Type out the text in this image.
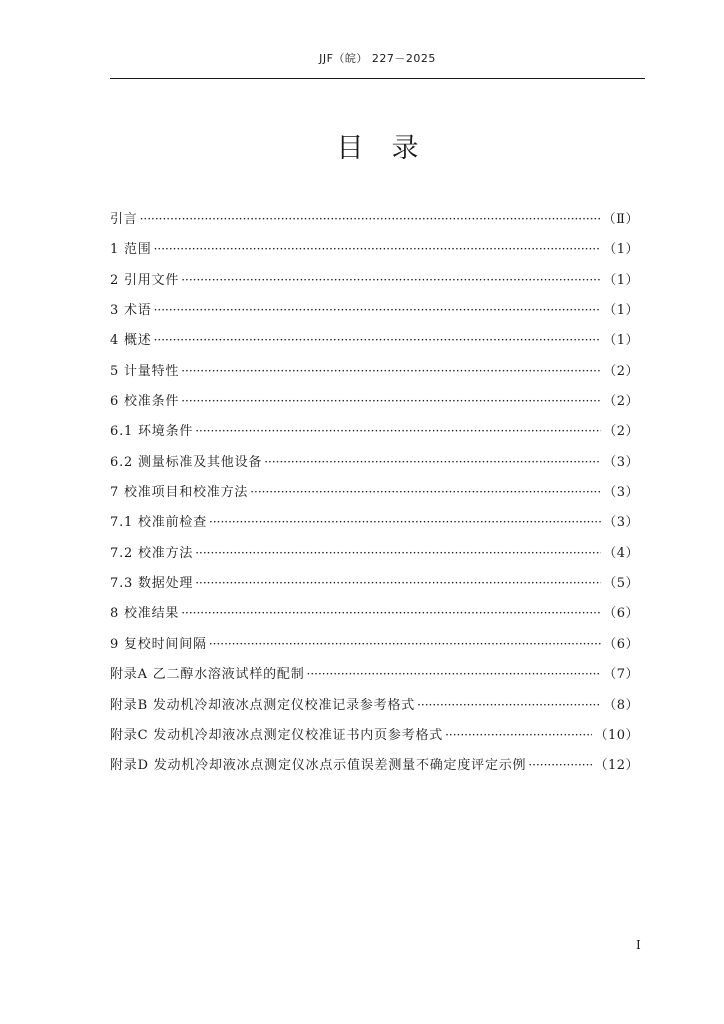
JJF（皖） 227－2025
目录
引言 ·····	（Ⅱ）
1 范围 ·····	（1）
2 引用文件 ·····	（1）
3 术语 ·····	（1）
4 概述 ·····	（1）
5 计量特性 ·····	（2）
6 校准条件 ·····	（2）
6.1 环境条件 ·····	（2）
6.2 测量标准及其他设备 ·····	（3）
7 校准项目和校准方法 ·····	（3）
7.1 校准前检查 ·····	（3）
7.2 校准方法 ·····	（4）
7.3 数据处理 ·····	（5）
8 校准结果 ·····	（6）
9 复校时间间隔 ·····	（6）
附录A 乙二醇水溶液试样的配制 ·····	（7）
附录B 发动机冷却液冰点测定仪校准记录参考格式 ·····	（8）
附录C 发动机冷却液冰点测定仪校准证书内页参考格式 ·····	（10）
附录D 发动机冷却液冰点测定仪冰点示值误差测量不确定度评定示例 ·····	（12）
I
